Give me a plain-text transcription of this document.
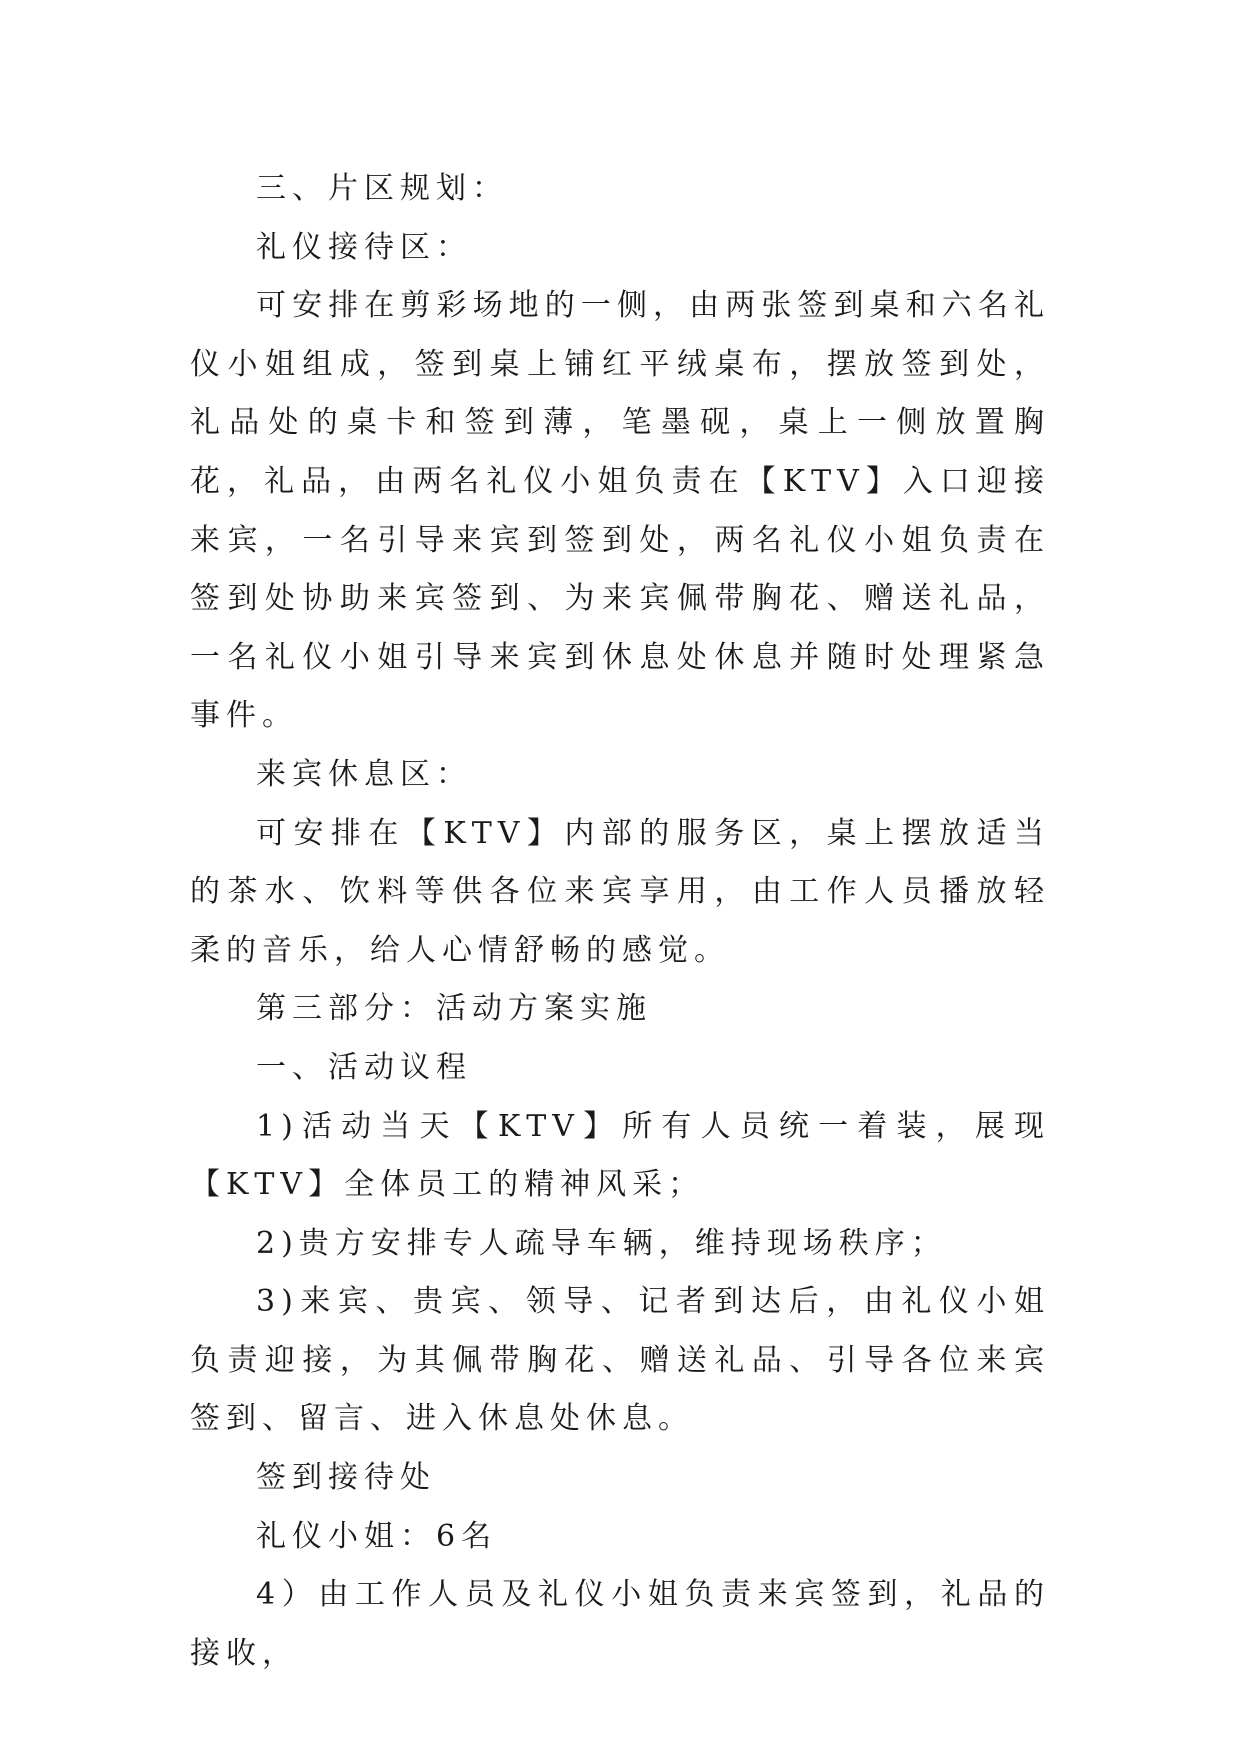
三、片区规划：

礼仪接待区：

可安排在剪彩场地的一侧，由两张签到桌和六名礼仪小姐组成，签到桌上铺红平绒桌布，摆放签到处，礼品处的桌卡和签到薄，笔墨砚，桌上一侧放置胸花，礼品，由两名礼仪小姐负责在【KTV】入口迎接来宾，一名引导来宾到签到处，两名礼仪小姐负责在签到处协助来宾签到、为来宾佩带胸花、赠送礼品，一名礼仪小姐引导来宾到休息处休息并随时处理紧急事件。

来宾休息区：

可安排在【KTV】内部的服务区，桌上摆放适当的茶水、饮料等供各位来宾享用，由工作人员播放轻柔的音乐，给人心情舒畅的感觉。

第三部分：活动方案实施

一、活动议程

1)活动当天【KTV】所有人员统一着装，展现【KTV】全体员工的精神风采；

2)贵方安排专人疏导车辆，维持现场秩序；

3)来宾、贵宾、领导、记者到达后，由礼仪小姐负责迎接，为其佩带胸花、赠送礼品、引导各位来宾签到、留言、进入休息处休息。

签到接待处

礼仪小姐：6名

4）由工作人员及礼仪小姐负责来宾签到，礼品的接收，
